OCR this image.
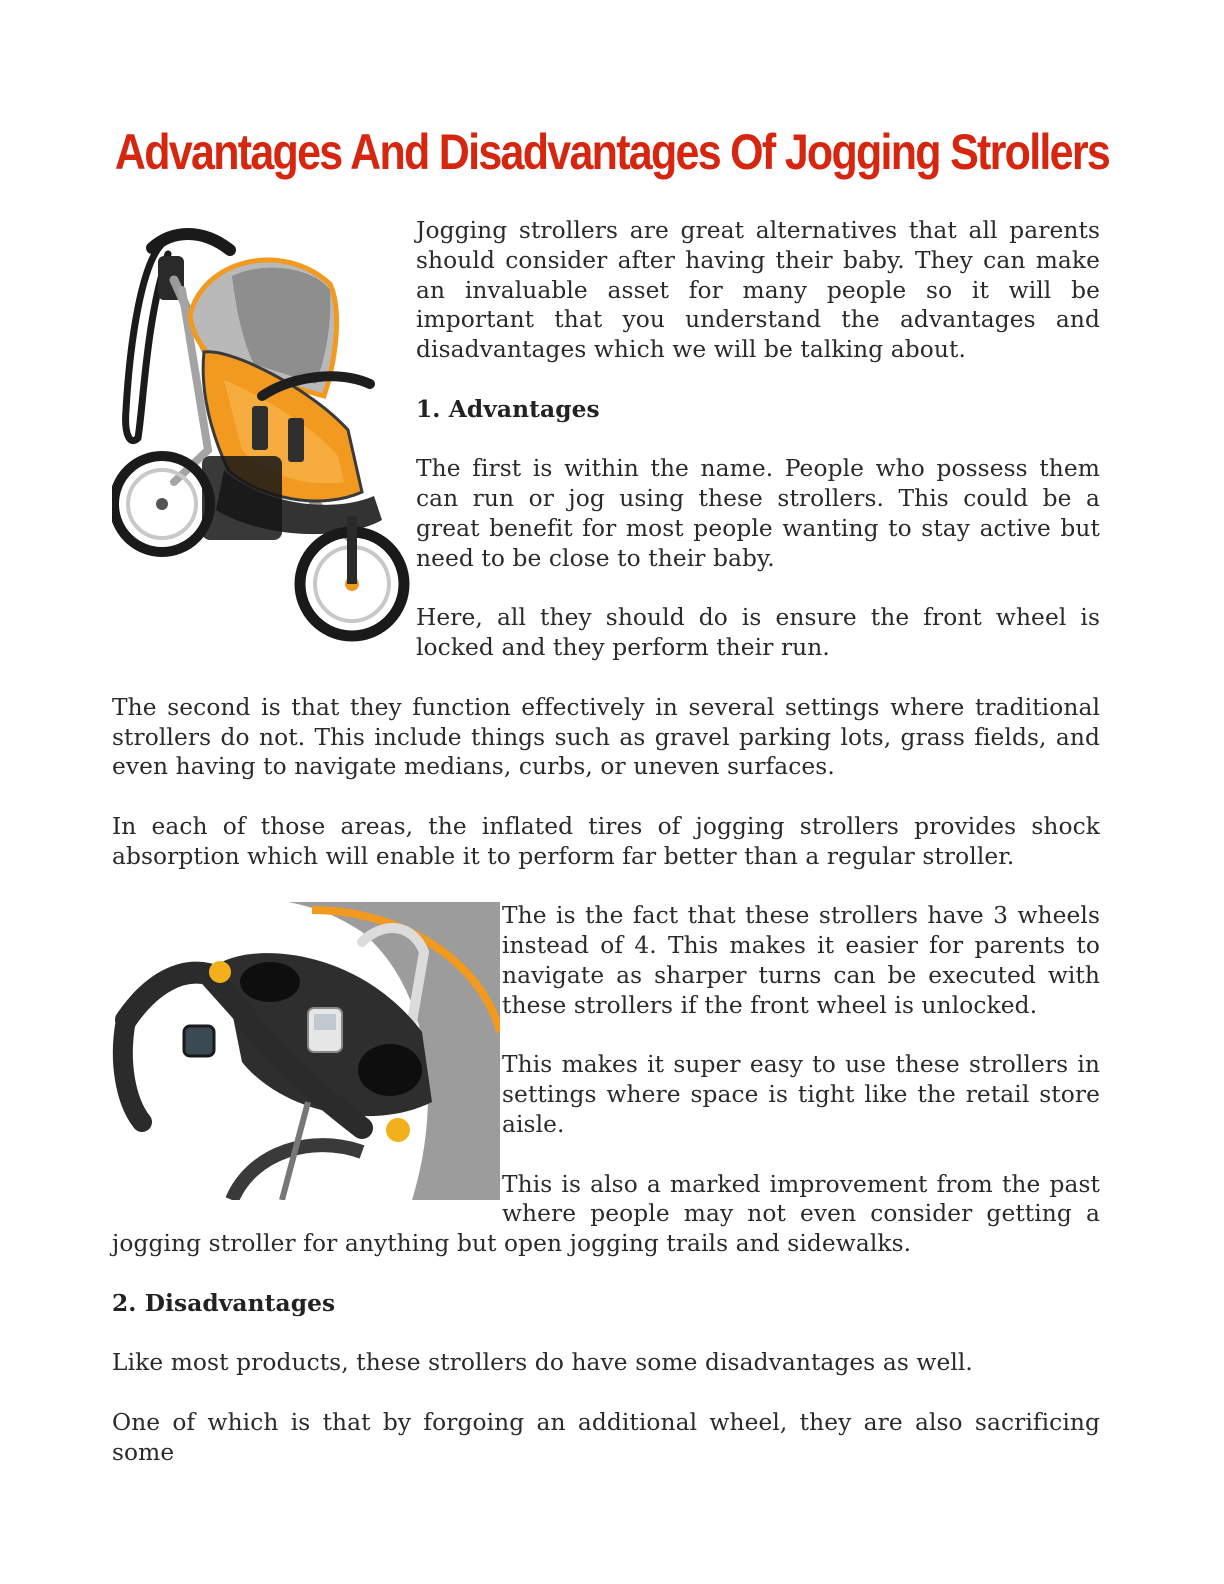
Advantages And Disadvantages Of Jogging Strollers

Jogging strollers are great alternatives that all parents should consider after having their baby. They can make an invaluable asset for many people so it will be important that you understand the advantages and disadvantages which we will be talking about.

1. Advantages

The first is within the name. People who possess them can run or jog using these strollers. This could be a great benefit for most people wanting to stay active but need to be close to their baby.

Here, all they should do is ensure the front wheel is locked and they perform their run.

The second is that they function effectively in several settings where traditional strollers do not. This include things such as gravel parking lots, grass fields, and even having to navigate medians, curbs, or uneven surfaces.

In each of those areas, the inflated tires of jogging strollers provides shock absorption which will enable it to perform far better than a regular stroller.

The is the fact that these strollers have 3 wheels instead of 4. This makes it easier for parents to navigate as sharper turns can be executed with these strollers if the front wheel is unlocked.

This makes it super easy to use these strollers in settings where space is tight like the retail store aisle.

This is also a marked improvement from the past where people may not even consider getting a jogging stroller for anything but open jogging trails and sidewalks.

2. Disadvantages

Like most products, these strollers do have some disadvantages as well.

One of which is that by forgoing an additional wheel, they are also sacrificing some
